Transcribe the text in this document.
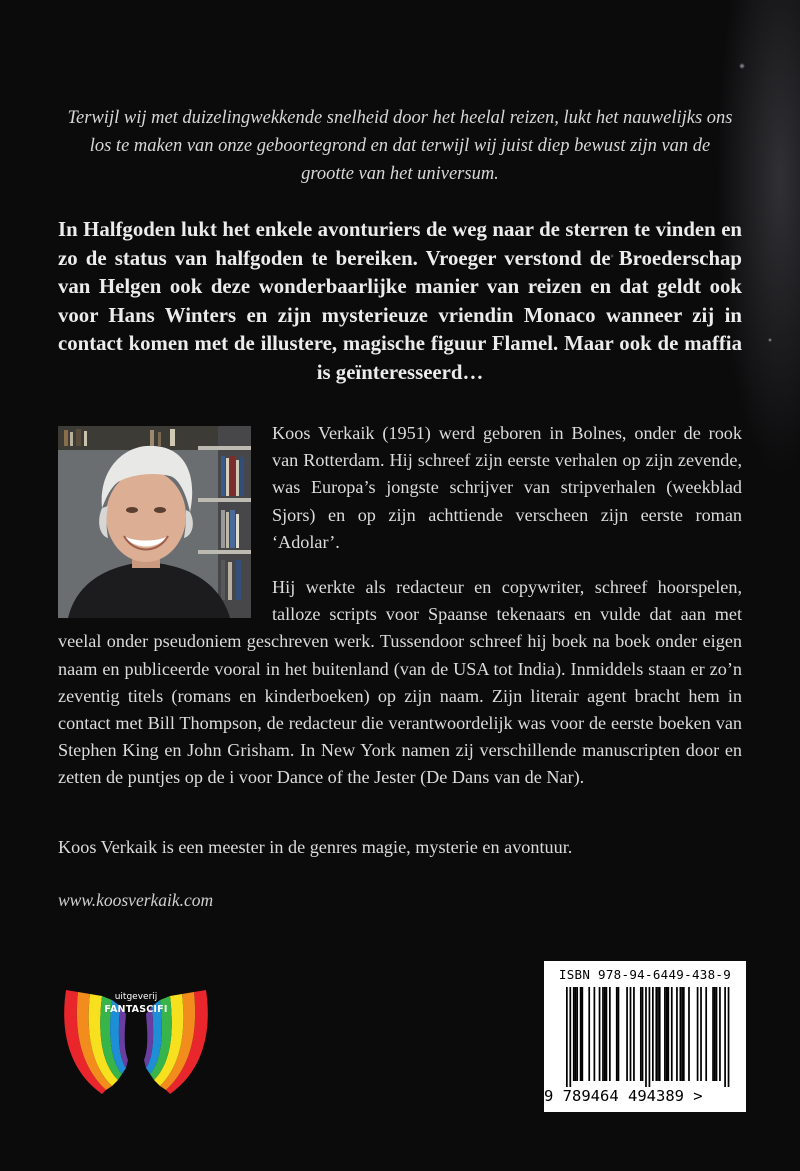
Terwijl wij met duizelingwekkende snelheid door het heelal reizen, lukt het nauwelijks ons los te maken van onze geboortegrond en dat terwijl wij juist diep bewust zijn van de grootte van het universum.
In Halfgoden lukt het enkele avonturiers de weg naar de sterren te vinden en zo de status van halfgoden te bereiken. Vroeger verstond de Broederschap van Helgen ook deze wonderbaarlijke manier van reizen en dat geldt ook voor Hans Winters en zijn mysterieuze vriendin Monaco wanneer zij in contact komen met de illustere, magische figuur Flamel. Maar ook de maffia is geïnteresseerd…

Koos Verkaik (1951) werd geboren in Bolnes, onder de rook van Rotterdam. Hij schreef zijn eerste verhalen op zijn zevende, was Europa’s jongste schrijver van stripverhalen (weekblad Sjors) en op zijn achttiende verscheen zijn eerste roman ‘Adolar’.

Hij werkte als redacteur en copywriter, schreef hoorspelen, talloze scripts voor Spaanse tekenaars en vulde dat aan met veelal onder pseudoniem geschreven werk. Tussendoor schreef hij boek na boek onder eigen naam en publiceerde vooral in het buitenland (van de USA tot India). Inmiddels staan er zo’n zeventig titels (romans en kinderboeken) op zijn naam. Zijn literair agent bracht hem in contact met Bill Thompson, de redacteur die verantwoordelijk was voor de eerste boeken van Stephen King en John Grisham. In New York namen zij verschillende manuscripten door en zetten de puntjes op de i voor Dance of the Jester (De Dans van de Nar).

Koos Verkaik is een meester in de genres magie, mysterie en avontuur.
www.koosverkaik.com
uitgeverij
FANTASCIFI
ISBN 978-94-6449-438-9
9 789464 494389 >
